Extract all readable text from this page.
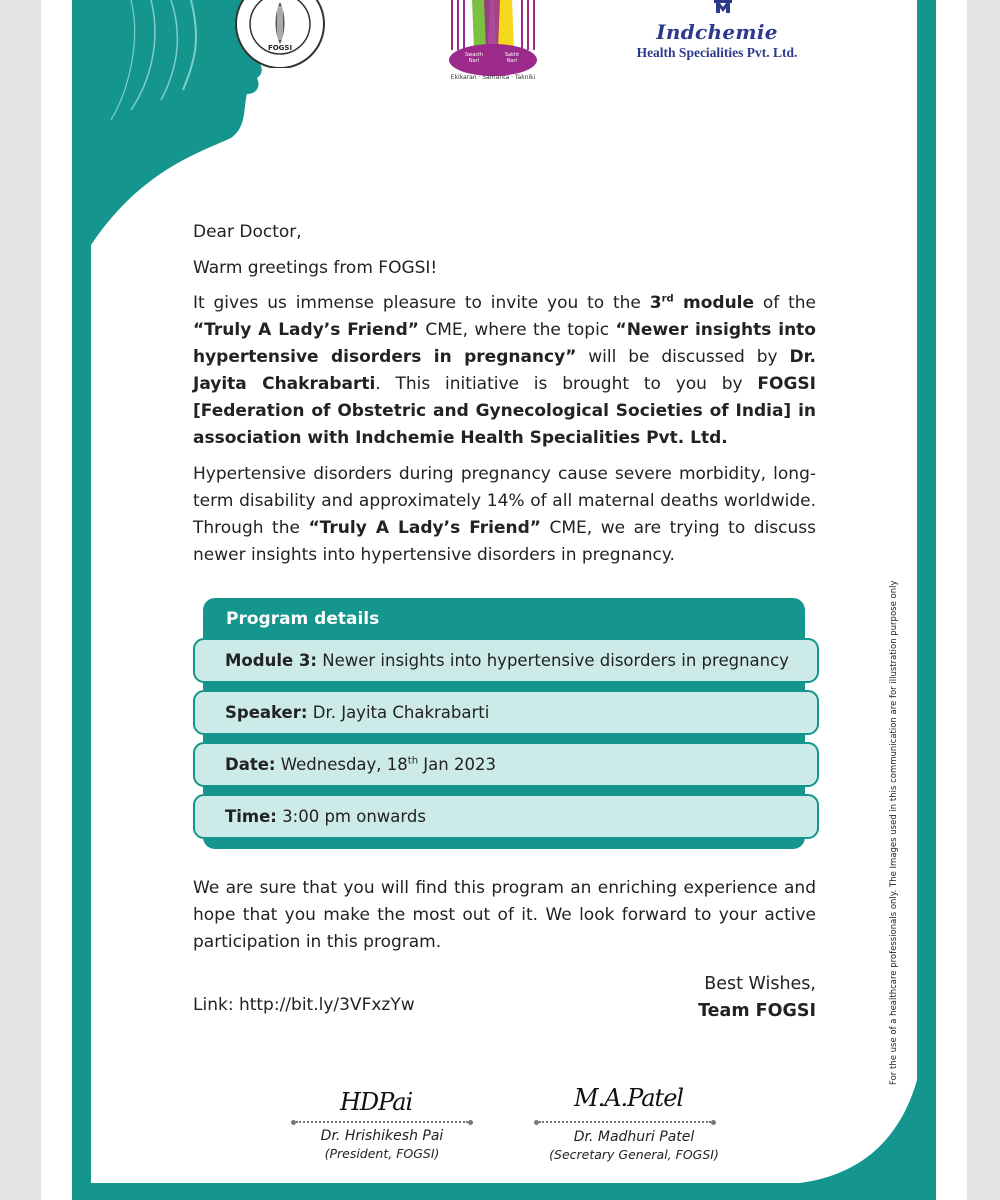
FOGSI
Swasth Nari
Sakht Nari
Ekikaran · Samanta · Takniki
Indchemie
Health Specialities Pvt. Ltd.

Dear Doctor,

Warm greetings from FOGSI!

It gives us immense pleasure to invite you to the 3rd module of the “Truly A Lady’s Friend” CME, where the topic “Newer insights into hypertensive disorders in pregnancy” will be discussed by Dr. Jayita Chakrabarti. This initiative is brought to you by FOGSI [Federation of Obstetric and Gynecological Societies of India] in association with Indchemie Health Specialities Pvt. Ltd.

Hypertensive disorders during pregnancy cause severe morbidity, long-term disability and approximately 14% of all maternal deaths worldwide. Through the “Truly A Lady’s Friend” CME, we are trying to discuss newer insights into hypertensive disorders in pregnancy.

Program details
Module 3: Newer insights into hypertensive disorders in pregnancy
Speaker: Dr. Jayita Chakrabarti
Date: Wednesday, 18th Jan 2023
Time: 3:00 pm onwards

We are sure that you will find this program an enriching experience and hope that you make the most out of it. We look forward to your active participation in this program.

Link: http://bit.ly/3VFxzYw
Best Wishes,
Team FOGSI
HDPai
Dr. Hrishikesh Pai
(President, FOGSI)
M.A.Patel
Dr. Madhuri Patel
(Secretary General, FOGSI)
For the use of a healthcare professionals only. The Images used in this communication are for illustration purpose only
